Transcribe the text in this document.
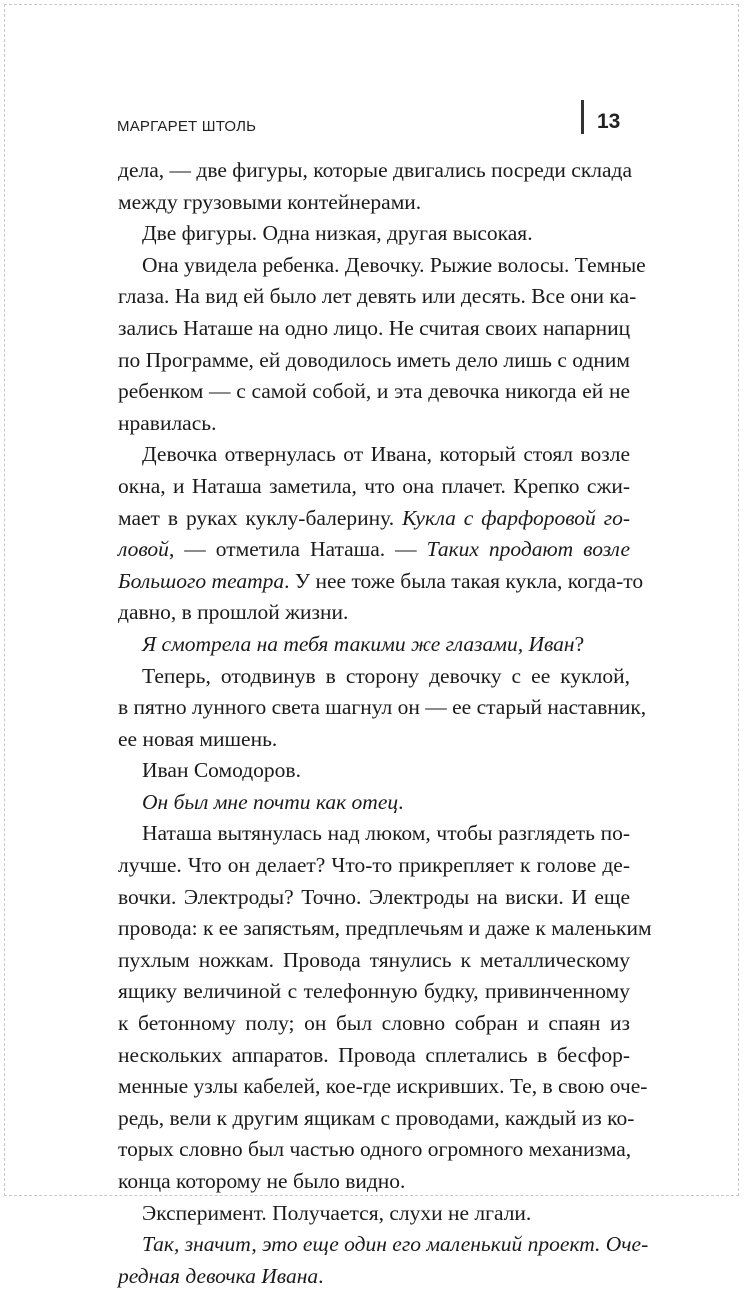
МАРГАРЕТ ШТОЛЬ	13
дела, — две фигуры, которые двигались посреди склада
между грузовыми контейнерами.
Две фигуры. Одна низкая, другая высокая.
Она увидела ребенка. Девочку. Рыжие волосы. Темные
глаза. На вид ей было лет девять или десять. Все они ка-
зались Наташе на одно лицо. Не считая своих напарниц
по Программе, ей доводилось иметь дело лишь с одним
ребенком — с самой собой, и эта девочка никогда ей не
нравилась.
Девочка отвернулась от Ивана, который стоял возле
окна, и Наташа заметила, что она плачет. Крепко сжи-
мает в руках куклу-балерину. Кукла с фарфоровой го-
ловой, — отметила Наташа. — Таких продают возле
Большого театра. У нее тоже была такая кукла, когда-то
давно, в прошлой жизни.
Я смотрела на тебя такими же глазами, Иван?
Теперь, отодвинув в сторону девочку с ее куклой,
в пятно лунного света шагнул он — ее старый наставник,
ее новая мишень.
Иван Сомодоров.
Он был мне почти как отец.
Наташа вытянулась над люком, чтобы разглядеть по-
лучше. Что он делает? Что-то прикрепляет к голове де-
вочки. Электроды? Точно. Электроды на виски. И еще
провода: к ее запястьям, предплечьям и даже к маленьким
пухлым ножкам. Провода тянулись к металлическому
ящику величиной с телефонную будку, привинченному
к бетонному полу; он был словно собран и спаян из
нескольких аппаратов. Провода сплетались в бесфор-
менные узлы кабелей, кое-где искривших. Те, в свою оче-
редь, вели к другим ящикам с проводами, каждый из ко-
торых словно был частью одного огромного механизма,
конца которому не было видно.
Эксперимент. Получается, слухи не лгали.
Так, значит, это еще один его маленький проект. Оче-
редная девочка Ивана.
